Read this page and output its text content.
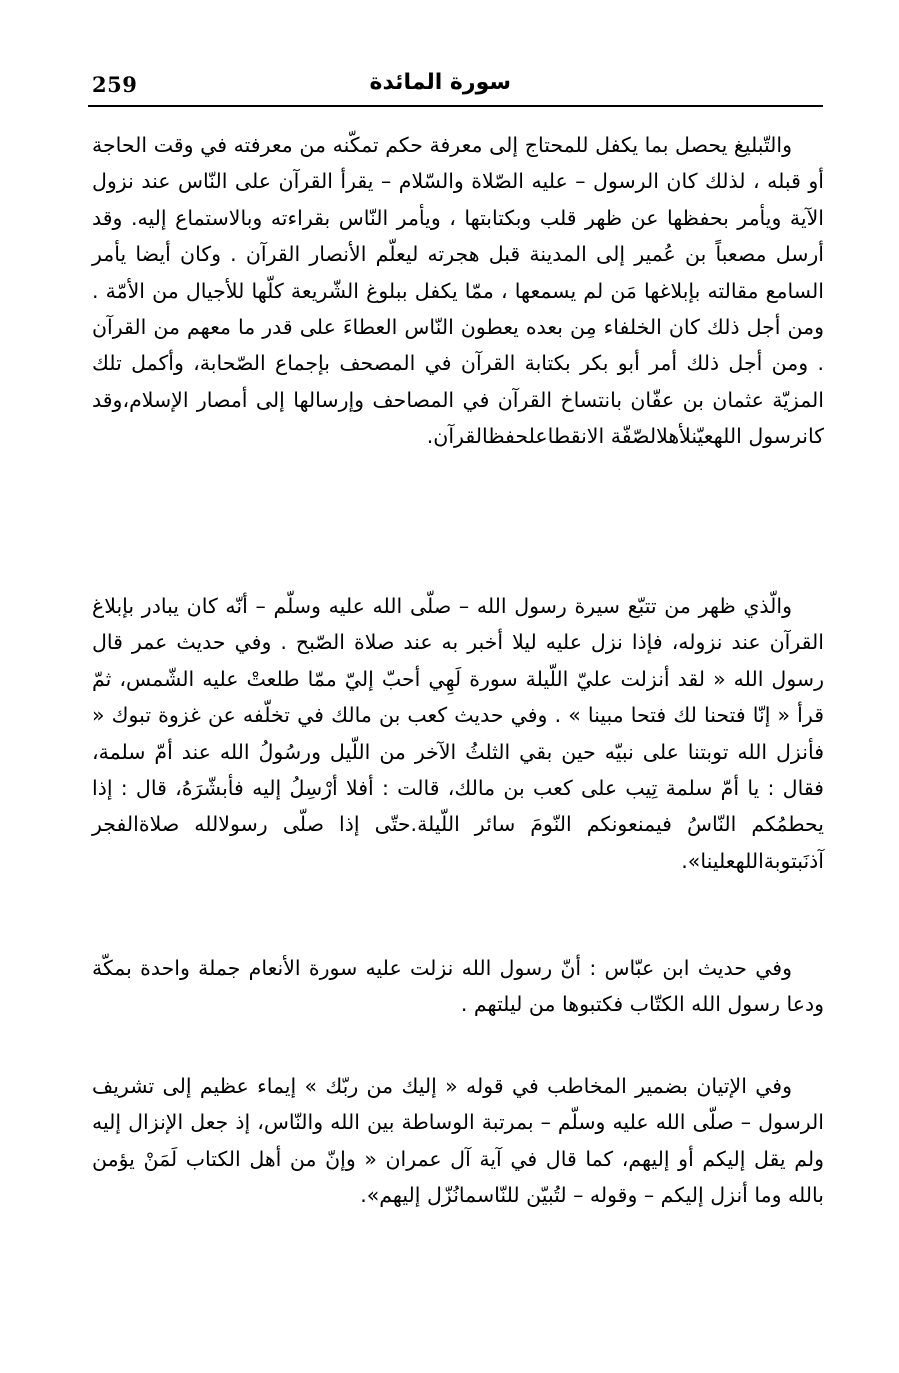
259	سورة المائدة

والتّبليغ يحصل بما يكفل للمحتاج إلى معرفة حكم تمكّنه من معرفته في وقت الحاجة أو قبله ، لذلك كان الرسول – عليه الصّلاة والسّلام – يقرأ القرآن على النّاس عند نزول الآية ويأمر بحفظها عن ظهر قلب وبكتابتها ، ويأمر النّاس بقراءته وبالاستماع إليه. وقد أرسل مصعباً بن عُمير إلى المدينة قبل هجرته ليعلّم الأنصار القرآن . وكان أيضا يأمر السامع مقالته بإبلاغها مَن لم يسمعها ، ممّا يكفل ببلوغ الشّريعة كلّها للأجيال من الأمّة . ومن أجل ذلك كان الخلفاء مِن بعده يعطون النّاس العطاءَ على قدر ما معهم من القرآن . ومن أجل ذلك أمر أبو بكر بكتابة القرآن في المصحف بإجماع الصّحابة، وأكمل تلك المزيّة عثمان بن عفّان بانتساخ القرآن في المصاحف وإرسالها إلى أمصار الإسلام،وقد كانرسول اللهعيّنلأهلالصّفّة الانقطاعلحفظالقرآن.

والّذي ظهر من تتبّع سيرة رسول الله – صلّى الله عليه وسلّم – أنّه كان يبادر بإبلاغ القرآن عند نزوله، فإذا نزل عليه ليلا أخبر به عند صلاة الصّبح . وفي حديث عمر قال رسول الله « لقد أنزلت عليّ اللّيلة سورة لَهِي أحبّ إليّ ممّا طلعتْ عليه الشّمس، ثمّ قرأ « إنّا فتحنا لك فتحا مبينا » . وفي حديث كعب بن مالك في تخلّفه عن غزوة تبوك « فأنزل الله توبتنا على نبيّه حين بقي الثلثُ الآخر من اللّيل ورسُولُ الله عند أمّ سلمة، فقال : يا أمّ سلمة تِيب على كعب بن مالك، قالت : أفلا أرْسِلُ إليه فأبشّرَهُ، قال : إذا يحطمُكم النّاسُ فيمنعونكم النّومَ سائر اللّيلة.حتّى إذا صلّى رسولالله صلاةالفجر آذنَبتوبةاللهعلينا».

وفي حديث ابن عبّاس : أنّ رسول الله نزلت عليه سورة الأنعام جملة واحدة بمكّة ودعا رسول الله الكتّاب فكتبوها من ليلتهم .

وفي الإتيان بضمير المخاطب في قوله « إليك من ربّك » إيماء عظيم إلى تشريف الرسول – صلّى الله عليه وسلّم – بمرتبة الوساطة بين الله والنّاس، إذ جعل الإنزال إليه ولم يقل إليكم أو إليهم، كما قال في آية آل عمران « وإنّ من أهل الكتاب لَمَنْ يؤمن بالله وما أنزل إليكم – وقوله – لتُبيّن للنّاسمانُزّل إليهم».
